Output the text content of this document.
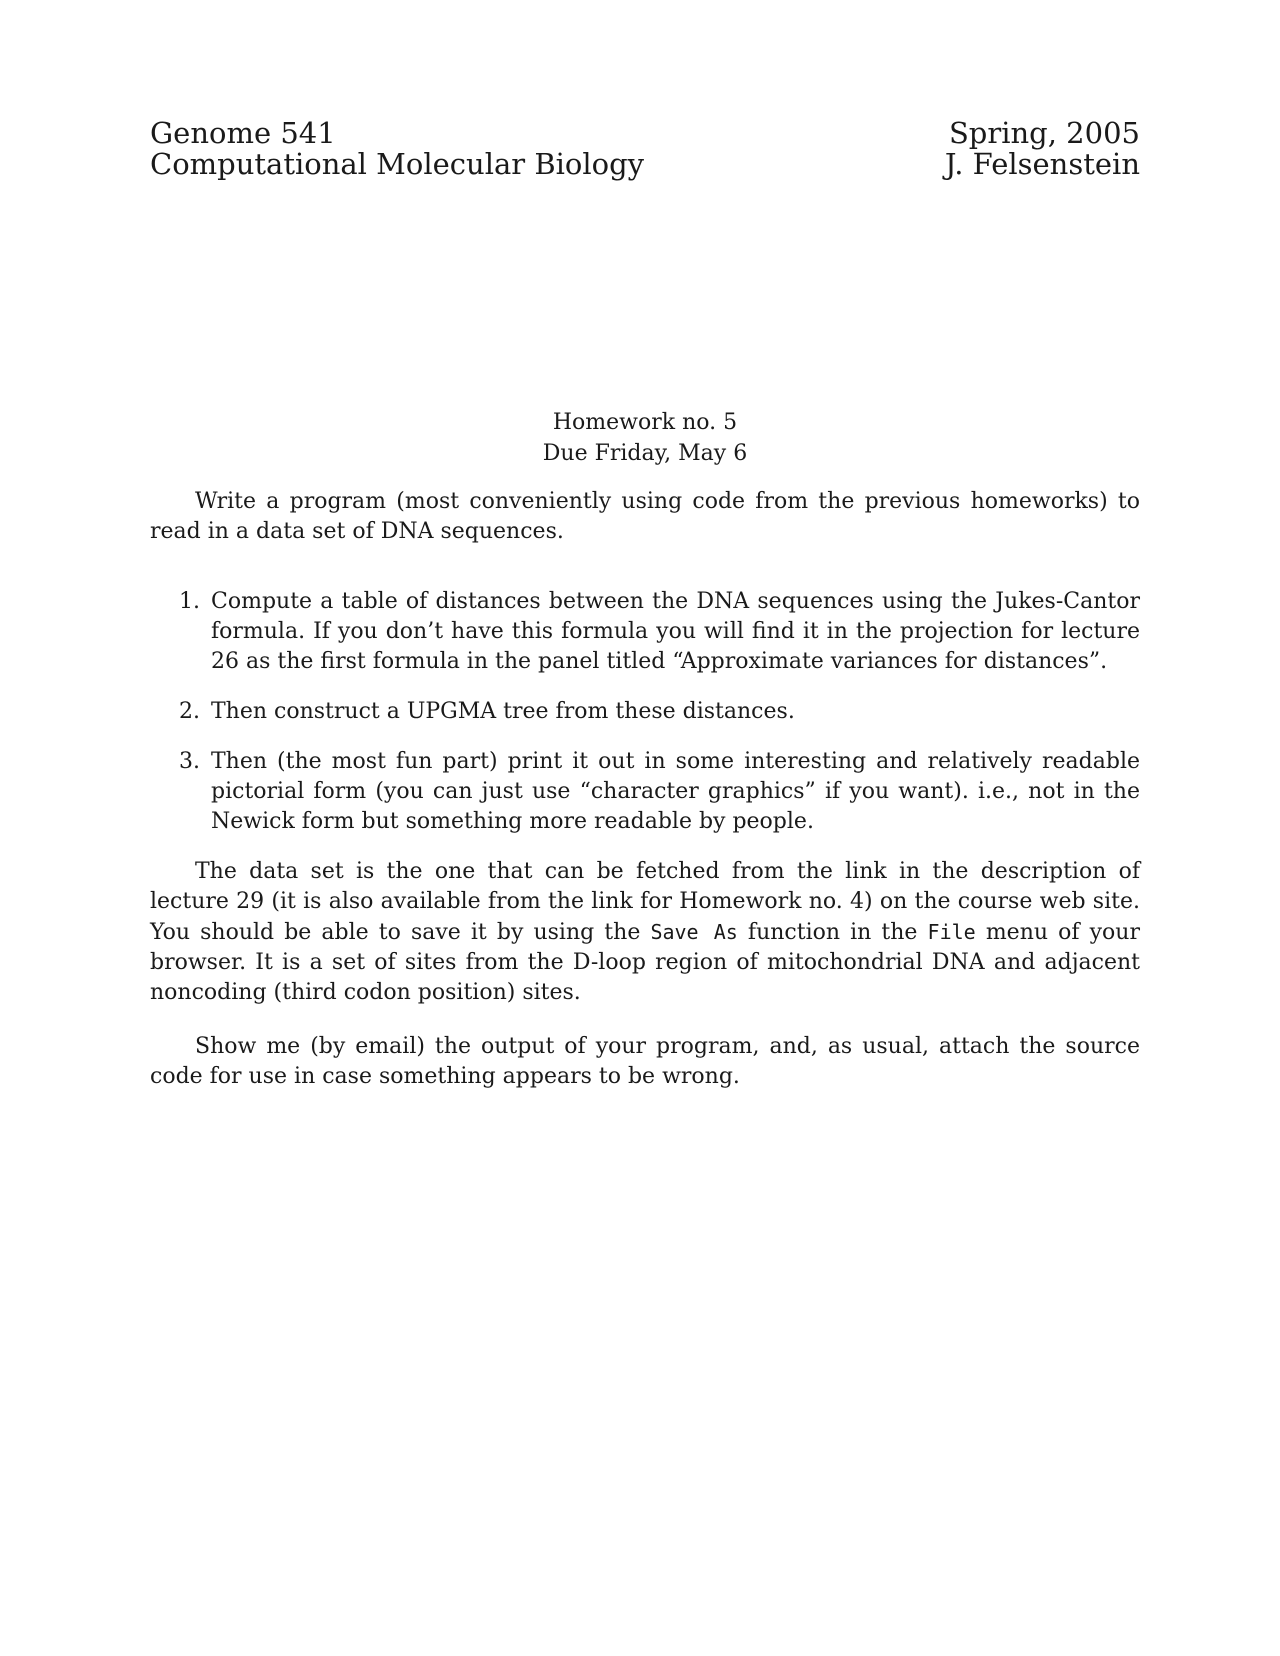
Genome 541
Computational Molecular Biology
Spring, 2005
J. Felsenstein
Homework no. 5
Due Friday, May 6

Write a program (most conveniently using code from the previous homeworks) to read in a data set of DNA sequences.

1. Compute a table of distances between the DNA sequences using the Jukes-Cantor formula. If you don’t have this formula you will find it in the projection for lecture 26 as the first formula in the panel titled “Approximate variances for distances”.
2. Then construct a UPGMA tree from these distances.
3. Then (the most fun part) print it out in some interesting and relatively readable pictorial form (you can just use “character graphics” if you want). i.e., not in the Newick form but something more readable by people.

The data set is the one that can be fetched from the link in the description of lecture 29 (it is also available from the link for Homework no. 4) on the course web site. You should be able to save it by using the Save As function in the File menu of your browser. It is a set of sites from the D-loop region of mitochondrial DNA and adjacent noncoding (third codon position) sites.

Show me (by email) the output of your program, and, as usual, attach the source code for use in case something appears to be wrong.
